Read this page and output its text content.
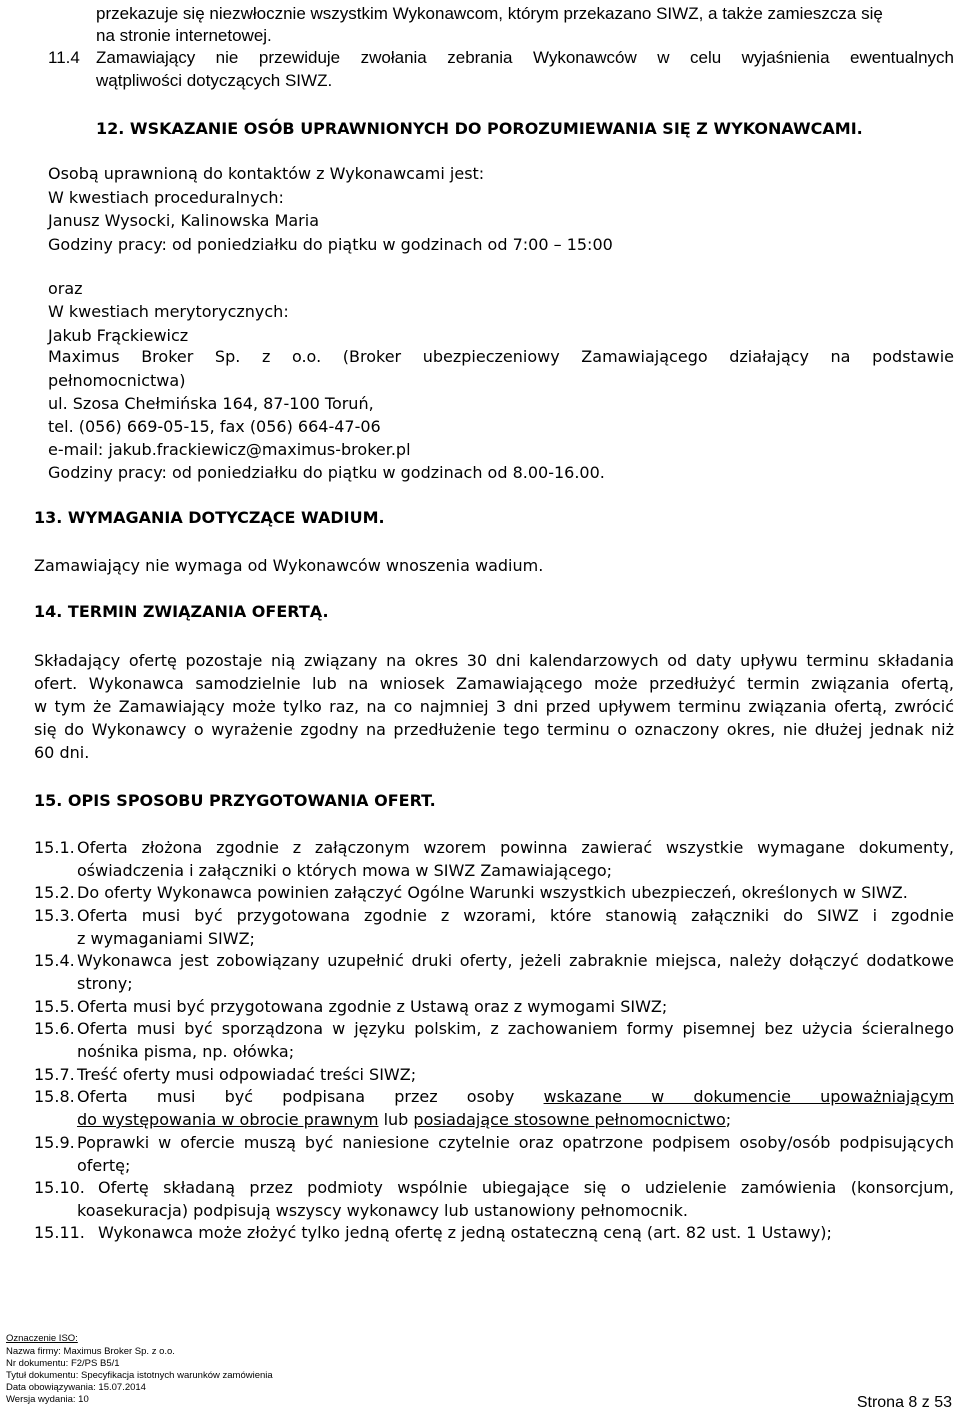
przekazuje się niezwłocznie wszystkim Wykonawcom, którym przekazano SIWZ, a także zamieszcza się
na stronie internetowej.
11.4 Zamawiający nie przewiduje zwołania zebrania Wykonawców w celu wyjaśnienia ewentualnych
wątpliwości dotyczących SIWZ.
12. WSKAZANIE OSÓB UPRAWNIONYCH DO POROZUMIEWANIA SIĘ Z WYKONAWCAMI.
Osobą uprawnioną do kontaktów z Wykonawcami jest:
W kwestiach proceduralnych:
Janusz Wysocki, Kalinowska Maria
Godziny pracy: od poniedziałku do piątku w godzinach od 7:00 – 15:00
oraz
W kwestiach merytorycznych:
Jakub Frąckiewicz
Maximus Broker Sp. z o.o. (Broker ubezpieczeniowy Zamawiającego działający na podstawie
pełnomocnictwa)
ul. Szosa Chełmińska 164, 87-100 Toruń,
tel. (056) 669-05-15, fax (056) 664-47-06
e-mail: jakub.frackiewicz@maximus-broker.pl
Godziny pracy: od poniedziałku do piątku w godzinach od 8.00-16.00.
13. WYMAGANIA DOTYCZĄCE WADIUM.
Zamawiający nie wymaga od Wykonawców wnoszenia wadium.
14. TERMIN ZWIĄZANIA OFERTĄ.
Składający ofertę pozostaje nią związany na okres 30 dni kalendarzowych od daty upływu terminu składania
ofert. Wykonawca samodzielnie lub na wniosek Zamawiającego może przedłużyć termin związania ofertą,
w tym że Zamawiający może tylko raz, na co najmniej 3 dni przed upływem terminu związania ofertą, zwrócić
się do Wykonawcy o wyrażenie zgodny na przedłużenie tego terminu o oznaczony okres, nie dłużej jednak niż
60 dni.
15. OPIS SPOSOBU PRZYGOTOWANIA OFERT.
15.1. Oferta złożona zgodnie z załączonym wzorem powinna zawierać wszystkie wymagane dokumenty,
oświadczenia i załączniki o których mowa w SIWZ Zamawiającego;
15.2. Do oferty Wykonawca powinien załączyć Ogólne Warunki wszystkich ubezpieczeń, określonych w SIWZ.
15.3. Oferta musi być przygotowana zgodnie z wzorami, które stanowią załączniki do SIWZ i zgodnie
z wymaganiami SIWZ;
15.4. Wykonawca jest zobowiązany uzupełnić druki oferty, jeżeli zabraknie miejsca, należy dołączyć dodatkowe
strony;
15.5. Oferta musi być przygotowana zgodnie z Ustawą oraz z wymogami SIWZ;
15.6. Oferta musi być sporządzona w języku polskim, z zachowaniem formy pisemnej bez użycia ścieralnego
nośnika pisma, np. ołówka;
15.7. Treść oferty musi odpowiadać treści SIWZ;
15.8. Oferta musi być podpisana przez osoby wskazane w dokumencie upoważniającym
do występowania w obrocie prawnym lub posiadające stosowne pełnomocnictwo;
15.9. Poprawki w ofercie muszą być naniesione czytelnie oraz opatrzone podpisem osoby/osób podpisujących
ofertę;
15.10. Ofertę składaną przez podmioty wspólnie ubiegające się o udzielenie zamówienia (konsorcjum,
koasekuracja) podpisują wszyscy wykonawcy lub ustanowiony pełnomocnik.
15.11. Wykonawca może złożyć tylko jedną ofertę z jedną ostateczną ceną (art. 82 ust. 1 Ustawy);
Oznaczenie ISO:
Nazwa firmy: Maximus Broker Sp. z o.o.
Nr dokumentu: F2/PS B5/1
Tytuł dokumentu: Specyfikacja istotnych warunków zamówienia
Data obowiązywania: 15.07.2014
Wersja wydania: 10	Strona 8 z 53
